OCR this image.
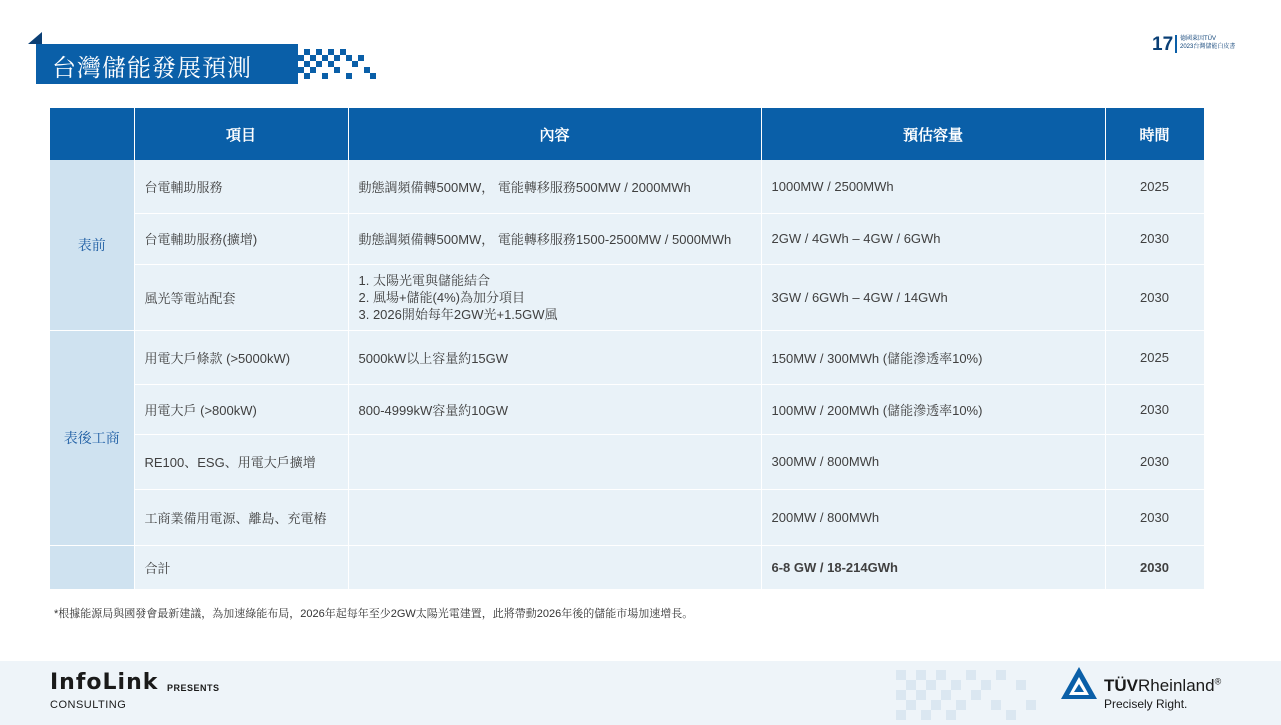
台灣儲能發展預測
17 德國萊因TÜV
2023台灣儲能白皮書
	項目	內容	預估容量	時間
表前	台電輔助服務	動態調頻備轉500MW， 電能轉移服務500MW / 2000MWh	1000MW / 2500MWh	2025
	台電輔助服務(擴增)	動態調頻備轉500MW， 電能轉移服務1500-2500MW / 5000MWh	2GW / 4GWh – 4GW / 6GWh	2030
	風光等電站配套	1. 太陽光電與儲能結合
2. 風場+儲能(4%)為加分項目
3. 2026開始每年2GW光+1.5GW風	3GW / 6GWh – 4GW / 14GWh	2030
表後工商	用電大戶條款 (>5000kW)	5000kW以上容量約15GW	150MW / 300MWh (儲能滲透率10%)	2025
	用電大戶 (>800kW)	800-4999kW容量約10GW	100MW / 200MWh (儲能滲透率10%)	2030
	RE100、ESG、用電大戶擴增		300MW / 800MWh	2030
	工商業備用電源、離島、充電樁		200MW / 800MWh	2030
	合計		6-8 GW / 18-214GWh	2030
*根據能源局與國發會最新建議，為加速綠能布局，2026年起每年至少2GW太陽光電建置，此將帶動2026年後的儲能市場加速增長。
InfoLink PRESENTS
CONSULTING
TÜVRheinland®
Precisely Right.
